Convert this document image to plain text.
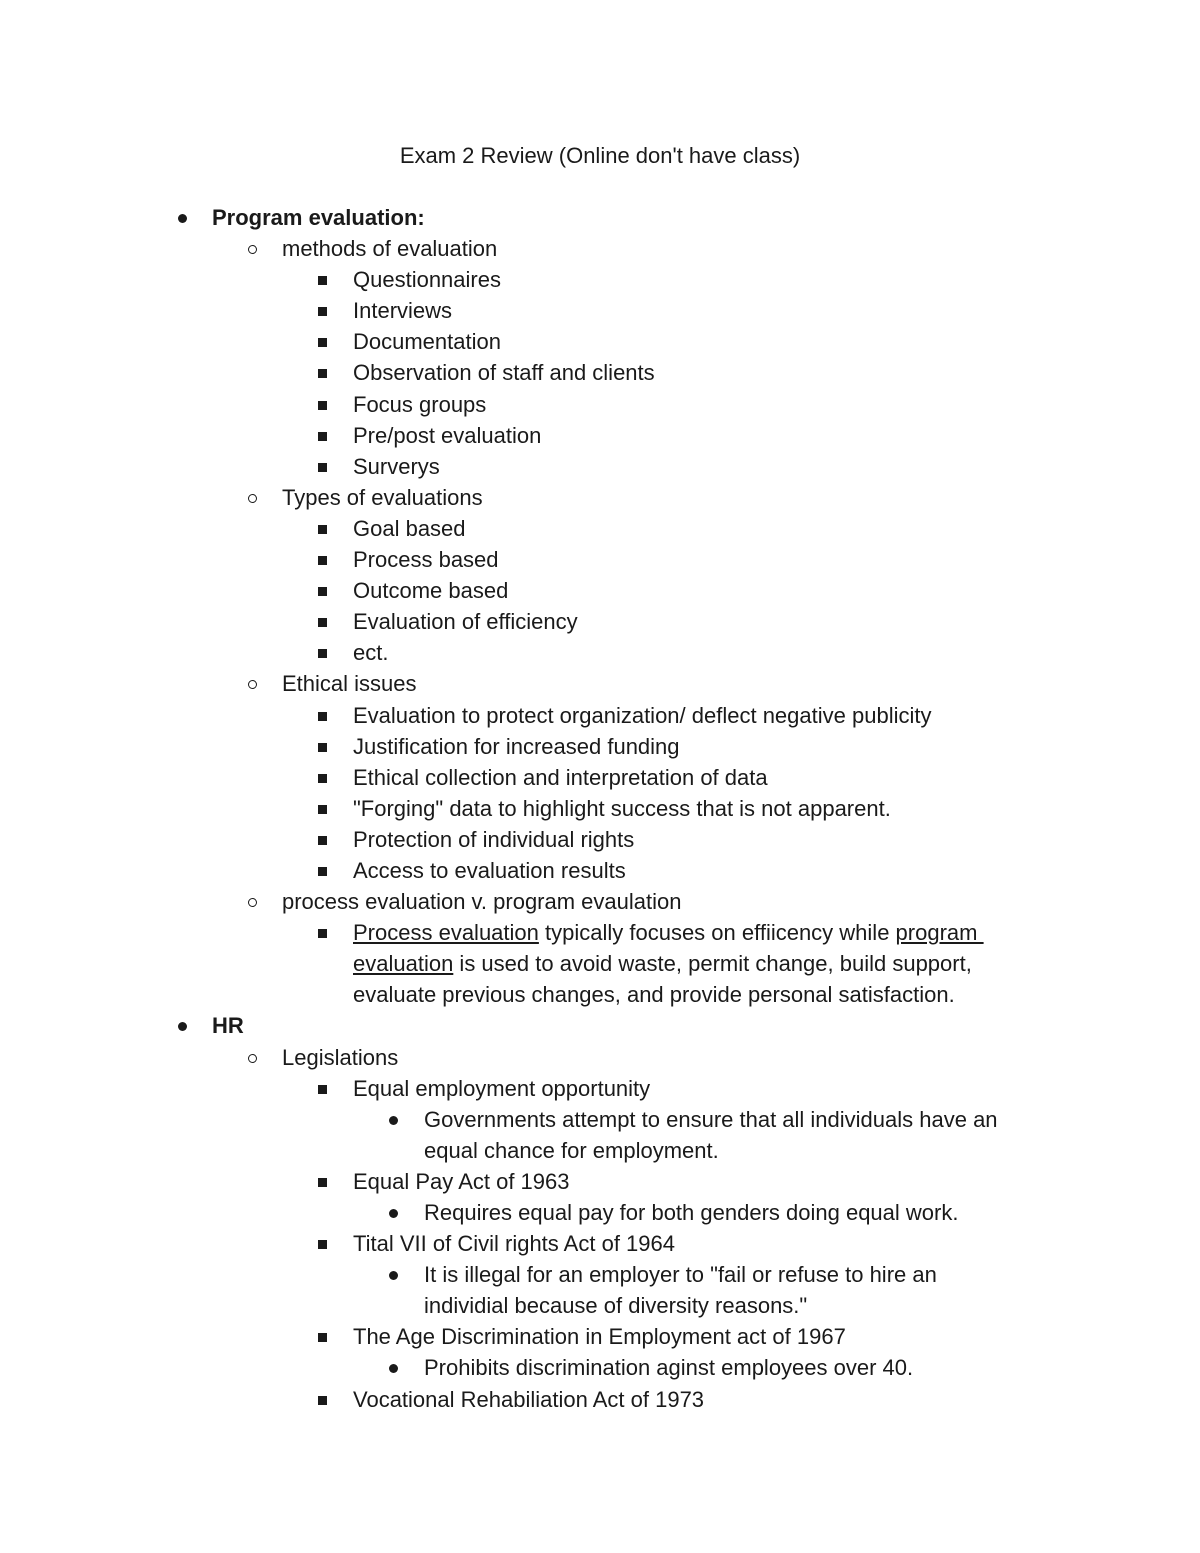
Exam 2 Review (Online don't have class)
Program evaluation:
methods of evaluation
Questionnaires
Interviews
Documentation
Observation of staff and clients
Focus groups
Pre/post evaluation
Surverys
Types of evaluations
Goal based
Process based
Outcome based
Evaluation of efficiency
ect.
Ethical issues
Evaluation to protect organization/ deflect negative publicity
Justification for increased funding
Ethical collection and interpretation of data
"Forging" data to highlight success that is not apparent.
Protection of individual rights
Access to evaluation results
process evaluation v. program evaulation
Process evaluation typically focuses on effiicency while program
evaluation is used to avoid waste, permit change, build support,
evaluate previous changes, and provide personal satisfaction.
HR
Legislations
Equal employment opportunity
Governments attempt to ensure that all individuals have an
equal chance for employment.
Equal Pay Act of 1963
Requires equal pay for both genders doing equal work.
Tital VII of Civil rights Act of 1964
It is illegal for an employer to "fail or refuse to hire an
individial because of diversity reasons."
The Age Discrimination in Employment act of 1967
Prohibits discrimination aginst employees over 40.
Vocational Rehabiliation Act of 1973
